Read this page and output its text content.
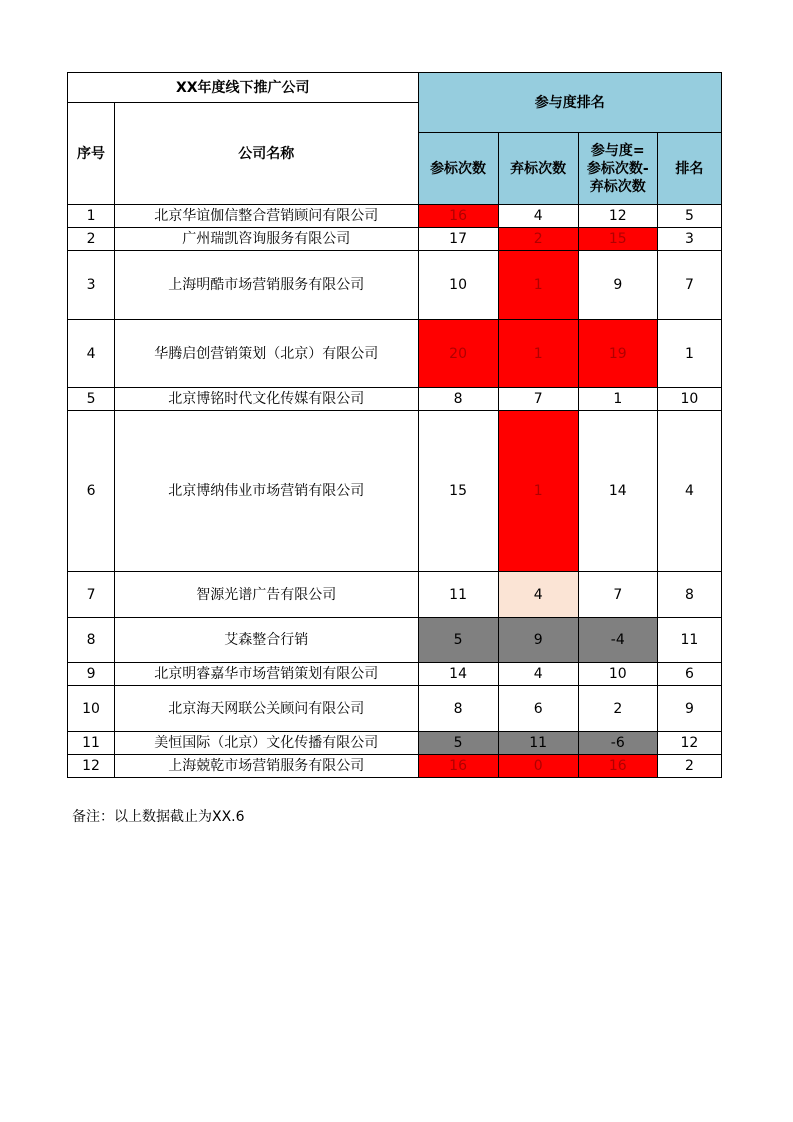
XX年度线下推广公司		参与度排名			
序号	公司名称				
		参标次数	弃标次数	参与度=
参标次数-
弃标次数	排名
1	北京华谊伽信整合营销顾问有限公司	16	4	12	5
2	广州瑞凯咨询服务有限公司	17	2	15	3
3	上海明酷市场营销服务有限公司	10	1	9	7
4	华腾启创营销策划（北京）有限公司	20	1	19	1
5	北京博铭时代文化传媒有限公司	8	7	1	10
6	北京博纳伟业市场营销有限公司	15	1	14	4
7	智源光谱广告有限公司	11	4	7	8
8	艾森整合行销	5	9	-4	11
9	北京明睿嘉华市场营销策划有限公司	14	4	10	6
10	北京海天网联公关顾问有限公司	8	6	2	9
11	美恒国际（北京）文化传播有限公司	5	11	-6	12
12	上海兢乾市场营销服务有限公司	16	0	16	2
备注：以上数据截止为XX.6
